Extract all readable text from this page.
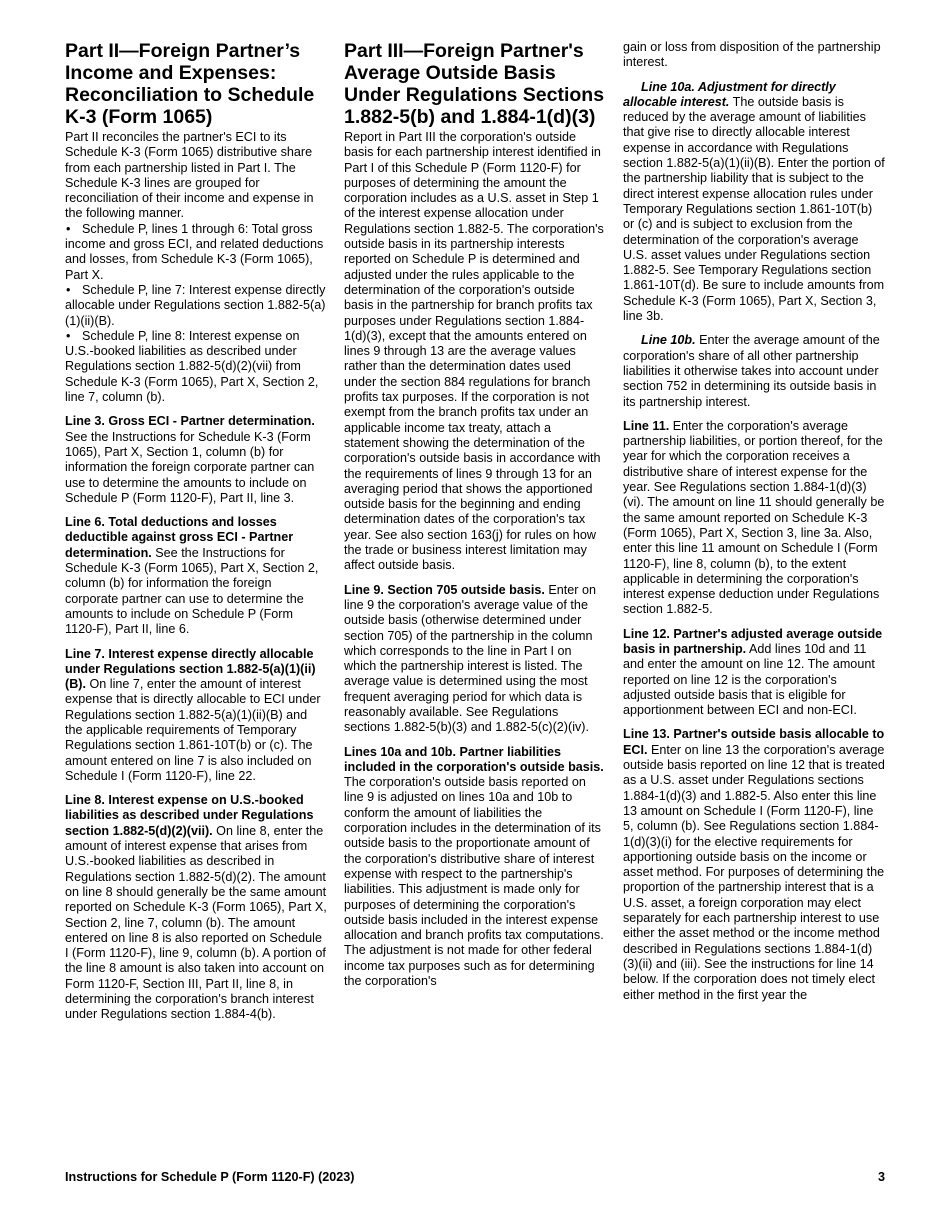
Part II—Foreign Partner’s Income and Expenses: Reconciliation to Schedule K-3 (Form 1065)

Part II reconciles the partner's ECI to its Schedule K-3 (Form 1065) distributive share from each partnership listed in Part I. The Schedule K-3 lines are grouped for reconciliation of their income and expense in the following manner.

• Schedule P, lines 1 through 6: Total gross income and gross ECI, and related deductions and losses, from Schedule K-3 (Form 1065), Part X.
• Schedule P, line 7: Interest expense directly allocable under Regulations section 1.882-5(a)(1)(ii)(B).
• Schedule P, line 8: Interest expense on U.S.-booked liabilities as described under Regulations section 1.882-5(d)(2)(vii) from Schedule K-3 (Form 1065), Part X, Section 2, line 7, column (b).

Line 3. Gross ECI - Partner determination. See the Instructions for Schedule K-3 (Form 1065), Part X, Section 1, column (b) for information the foreign corporate partner can use to determine the amounts to include on Schedule P (Form 1120-F), Part II, line 3.

Line 6. Total deductions and losses deductible against gross ECI - Partner determination. See the Instructions for Schedule K-3 (Form 1065), Part X, Section 2, column (b) for information the foreign corporate partner can use to determine the amounts to include on Schedule P (Form 1120-F), Part II, line 6.

Line 7. Interest expense directly allocable under Regulations section 1.882-5(a)(1)(ii)(B). On line 7, enter the amount of interest expense that is directly allocable to ECI under Regulations section 1.882-5(a)(1)(ii)(B) and the applicable requirements of Temporary Regulations section 1.861-10T(b) or (c). The amount entered on line 7 is also included on Schedule I (Form 1120-F), line 22.

Line 8. Interest expense on U.S.-booked liabilities as described under Regulations section 1.882-5(d)(2)(vii). On line 8, enter the amount of interest expense that arises from U.S.-booked liabilities as described in Regulations section 1.882-5(d)(2). The amount on line 8 should generally be the same amount reported on Schedule K-3 (Form 1065), Part X, Section 2, line 7, column (b). The amount entered on line 8 is also reported on Schedule I (Form 1120-F), line 9, column (b). A portion of the line 8 amount is also taken into account on Form 1120-F, Section III, Part II, line 8, in determining the corporation's branch interest under Regulations section 1.884-4(b).

Part III—Foreign Partner's Average Outside Basis Under Regulations Sections 1.882-5(b) and 1.884-1(d)(3)

Report in Part III the corporation's outside basis for each partnership interest identified in Part I of this Schedule P (Form 1120-F) for purposes of determining the amount the corporation includes as a U.S. asset in Step 1 of the interest expense allocation under Regulations section 1.882-5. The corporation's outside basis in its partnership interests reported on Schedule P is determined and adjusted under the rules applicable to the determination of the corporation's outside basis in the partnership for branch profits tax purposes under Regulations section 1.884-1(d)(3), except that the amounts entered on lines 9 through 13 are the average values rather than the determination dates used under the section 884 regulations for branch profits tax purposes. If the corporation is not exempt from the branch profits tax under an applicable income tax treaty, attach a statement showing the determination of the corporation's outside basis in accordance with the requirements of lines 9 through 13 for an averaging period that shows the apportioned outside basis for the beginning and ending determination dates of the corporation's tax year. See also section 163(j) for rules on how the trade or business interest limitation may affect outside basis.

Line 9. Section 705 outside basis. Enter on line 9 the corporation's average value of the outside basis (otherwise determined under section 705) of the partnership in the column which corresponds to the line in Part I on which the partnership interest is listed. The average value is determined using the most frequent averaging period for which data is reasonably available. See Regulations sections 1.882-5(b)(3) and 1.882-5(c)(2)(iv).

Lines 10a and 10b. Partner liabilities included in the corporation's outside basis. The corporation's outside basis reported on line 9 is adjusted on lines 10a and 10b to conform the amount of liabilities the corporation includes in the determination of its outside basis to the proportionate amount of the corporation's distributive share of interest expense with respect to the partnership's liabilities. This adjustment is made only for purposes of determining the corporation's outside basis included in the interest expense allocation and branch profits tax computations. The adjustment is not made for other federal income tax purposes such as for determining the corporation's

gain or loss from disposition of the partnership interest.

Line 10a. Adjustment for directly allocable interest. The outside basis is reduced by the average amount of liabilities that give rise to directly allocable interest expense in accordance with Regulations section 1.882-5(a)(1)(ii)(B). Enter the portion of the partnership liability that is subject to the direct interest expense allocation rules under Temporary Regulations section 1.861-10T(b) or (c) and is subject to exclusion from the determination of the corporation's average U.S. asset values under Regulations section 1.882-5. See Temporary Regulations section 1.861-10T(d). Be sure to include amounts from Schedule K-3 (Form 1065), Part X, Section 3, line 3b.

Line 10b. Enter the average amount of the corporation's share of all other partnership liabilities it otherwise takes into account under section 752 in determining its outside basis in its partnership interest.

Line 11. Enter the corporation's average partnership liabilities, or portion thereof, for the year for which the corporation receives a distributive share of interest expense for the year. See Regulations section 1.884-1(d)(3)(vi). The amount on line 11 should generally be the same amount reported on Schedule K-3 (Form 1065), Part X, Section 3, line 3a. Also, enter this line 11 amount on Schedule I (Form 1120-F), line 8, column (b), to the extent applicable in determining the corporation's interest expense deduction under Regulations section 1.882-5.

Line 12. Partner's adjusted average outside basis in partnership. Add lines 10d and 11 and enter the amount on line 12. The amount reported on line 12 is the corporation's adjusted outside basis that is eligible for apportionment between ECI and non-ECI.

Line 13. Partner's outside basis allocable to ECI. Enter on line 13 the corporation's average outside basis reported on line 12 that is treated as a U.S. asset under Regulations sections 1.884-1(d)(3) and 1.882-5. Also enter this line 13 amount on Schedule I (Form 1120-F), line 5, column (b). See Regulations section 1.884-1(d)(3)(i) for the elective requirements for apportioning outside basis on the income or asset method. For purposes of determining the proportion of the partnership interest that is a U.S. asset, a foreign corporation may elect separately for each partnership interest to use either the asset method or the income method described in Regulations sections 1.884-1(d)(3)(ii) and (iii). See the instructions for line 14 below. If the corporation does not timely elect either method in the first year the

Instructions for Schedule P (Form 1120-F) (2023)	3
